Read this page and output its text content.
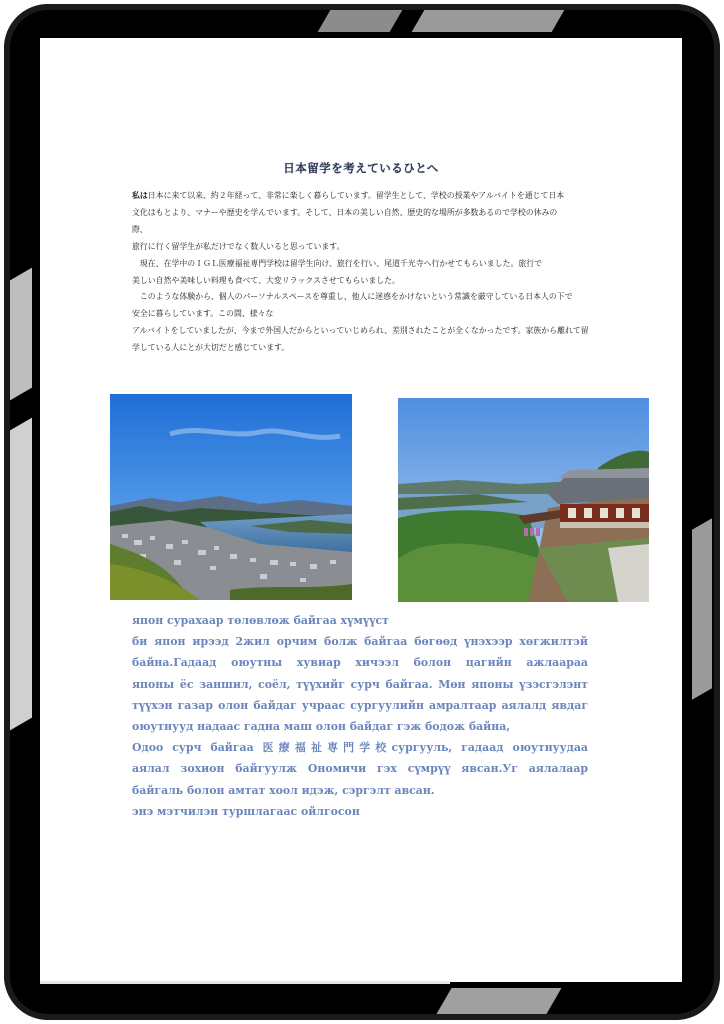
日本留学を考えているひとへ
私は日本に来て以来、約２年経って、非常に楽しく暮らしています。留学生として、学校の授業やアルバイトを通じて日本
文化はもとより、マナーや歴史を学んでいます。そして、日本の美しい自然、歴史的な場所が多数あるので学校の休みの
際、
旅行に行く留学生が私だけでなく数人いると思っています。
　現在、在学中のＩＧＬ医療福祉専門学校は留学生向け、旅行を行い、尾道千光寺へ行かせてもらいました。旅行で
美しい自然や美味しい料理も食べて、大変リラックスさせてもらいました。
　このような体験から、個人のパーソナルスペースを尊重し、他人に迷惑をかけないという常識を厳守している日本人の下で
安全に暮らしています。この間、様々な
アルバイトをしていましたが、今まで外国人だからといっていじめられ、差別されたことが全くなかったです。家族から離れて留
学している人にとが大切だと感じています。
япон сурахаар төлөвлөж байгаа хүмүүст
би япон ирээд 2жил орчим болж байгаа бөгөөд үнэхээр хөгжилтэй
байна.Гадаад оюутны хувиар хичээл болон цагийн ажлаараа
японы ёс заншил, соёл, түүхийг сурч байгаа. Мөн японы үзэсгэлэнт
түүхэн газар олон байдаг учраас сургуулийн амралтаар аялалд явдаг
оюутнууд надаас гадна маш олон байдаг гэж бодож байна,
Одоо сурч байгаа 医療福祉専門学校сургууль, гадаад оюутнуудаа
аялал зохион байгуулж Ономичи гэх сүмрүү явсан.Уг аялалаар
байгаль болон амтат хоол идэж, сэргэлт авсан.
энэ мэтчилэн туршлагаас ойлгосон
